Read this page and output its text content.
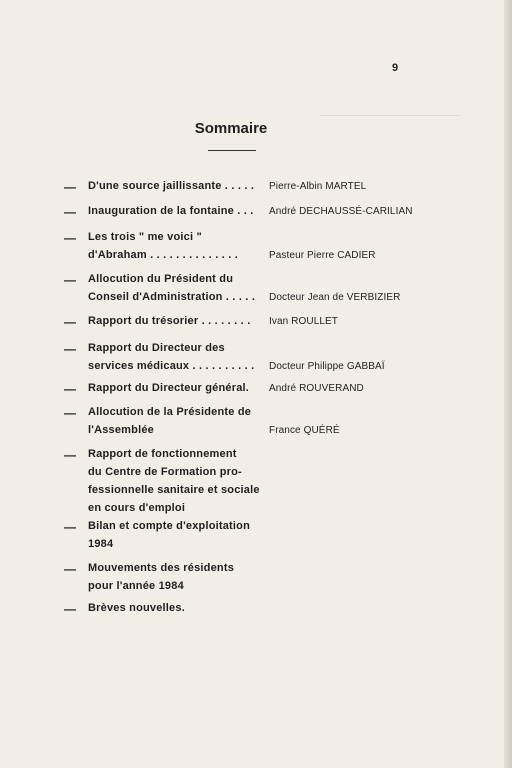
──────────────────────

9
Sommaire
— D'une source jaillissante . . . . . Pierre-Albin MARTEL
— Inauguration de la fontaine . . . André DECHAUSSÉ-CARILIAN
— Les trois " me voici "
d'Abraham . . . . . . . . . . . . . .	Pasteur Pierre CADIER
— Allocution du Président du
Conseil d'Administration . . . . . Docteur Jean de VERBIZIER
— Rapport du trésorier . . . . . . . . Ivan ROULLET
— Rapport du Directeur des
services médicaux . . . . . . . . . . Docteur Philippe GABBAÏ
— Rapport du Directeur général. André ROUVERAND
— Allocution de la Présidente de
l'Assemblée	France QUÉRÉ
— Rapport de fonctionnement
du Centre de Formation pro-
fessionnelle sanitaire et sociale
en cours d'emploi
— Bilan et compte d'exploitation
1984
— Mouvements des résidents
pour l'année 1984
— Brèves nouvelles.
